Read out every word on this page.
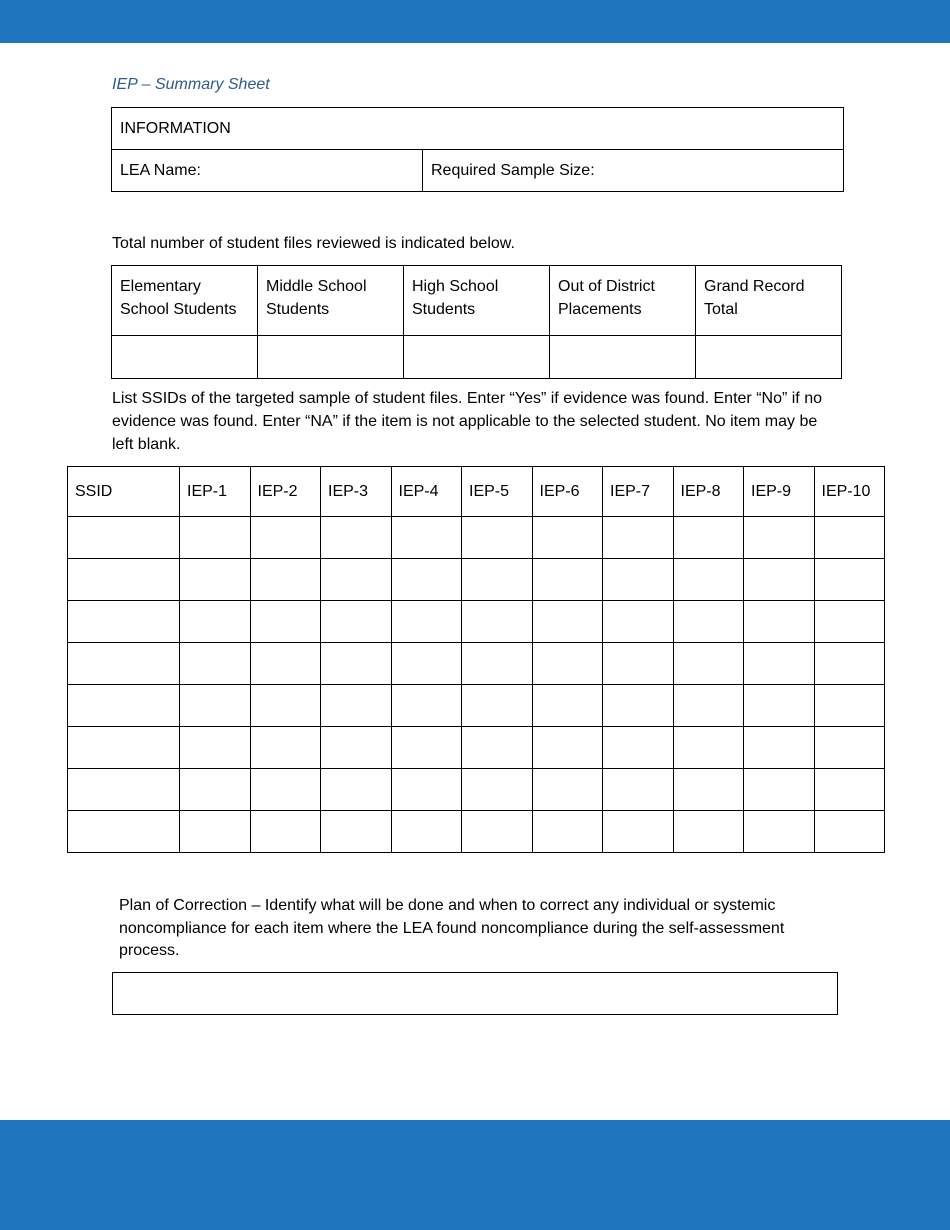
IEP – Summary Sheet
INFORMATION
LEA Name:	Required Sample Size:
Total number of student files reviewed is indicated below.
Elementary School Students	Middle School Students	High School Students	Out of District Placements	Grand Record Total

List SSIDs of the targeted sample of student files. Enter “Yes” if evidence was found. Enter “No” if no evidence was found. Enter “NA” if the item is not applicable to the selected student. No item may be left blank.
SSID	IEP-1	IEP-2	IEP-3	IEP-4	IEP-5	IEP-6	IEP-7	IEP-8	IEP-9	IEP-10

Plan of Correction – Identify what will be done and when to correct any individual or systemic noncompliance for each item where the LEA found noncompliance during the self-assessment process.
